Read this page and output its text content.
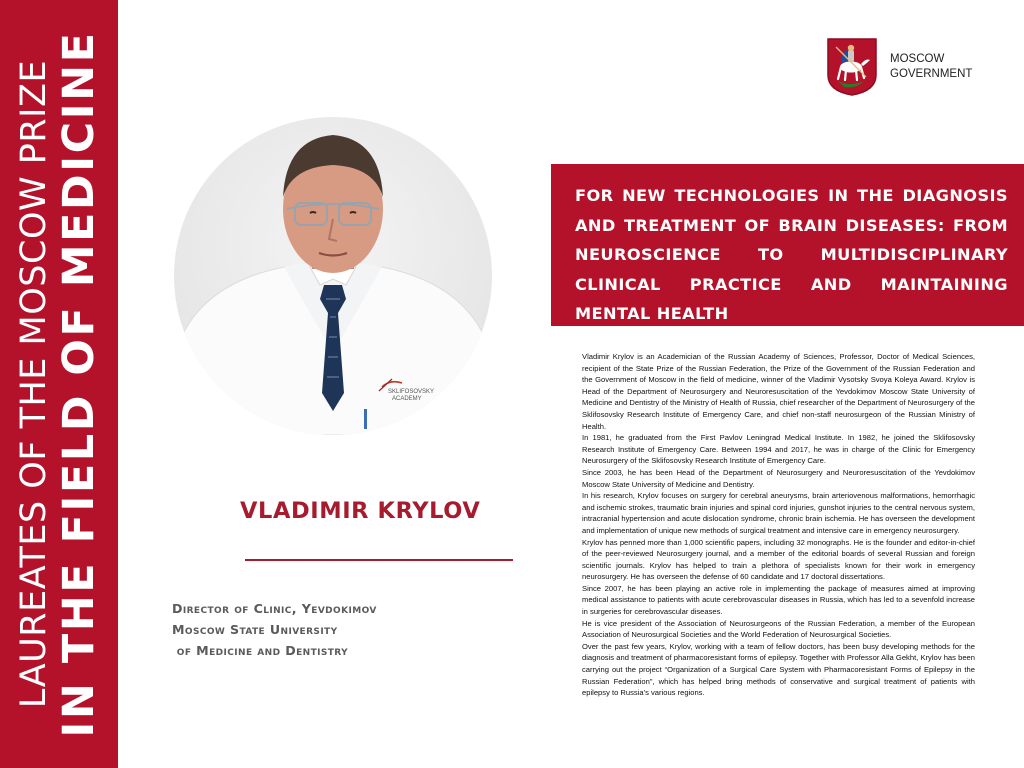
LAUREATES OF THE MOSCOW PRIZE IN THE FIELD OF MEDICINE	MOSCOW
GOVERNMENT
SKLIFOSOVSKY
ACADEMY
FOR NEW TECHNOLOGIES IN THE DIAGNOSIS AND TREATMENT OF BRAIN DISEASES: FROM NEUROSCIENCE TO MULTIDISCIPLINARY CLINICAL PRACTICE AND MAINTAINING MENTAL HEALTH
VLADIMIR KRYLOV
Director of Clinic, Yevdokimov
Moscow State University
of Medicine and Dentistry

Vladimir Krylov is an Academician of the Russian Academy of Sciences, Professor, Doctor of Medical Sciences, recipient of the State Prize of the Russian Federation, the Prize of the Government of the Russian Federation and the Government of Moscow in the field of medicine, winner of the Vladimir Vysotsky Svoya Koleya Award. Krylov is Head of the Department of Neurosurgery and Neuroresuscitation of the Yevdokimov Moscow State University of Medicine and Dentistry of the Ministry of Health of Russia, chief researcher of the Department of Neurosurgery of the Sklifosovsky Research Institute of Emergency Care, and chief non-staff neurosurgeon of the Russian Ministry of Health.

In 1981, he graduated from the First Pavlov Leningrad Medical Institute. In 1982, he joined the Sklifosovsky Research Institute of Emergency Care. Between 1994 and 2017, he was in charge of the Clinic for Emergency Neurosurgery of the Sklifosovsky Research Institute of Emergency Care.

Since 2003, he has been Head of the Department of Neurosurgery and Neuroresuscitation of the Yevdokimov Moscow State University of Medicine and Dentistry.

In his research, Krylov focuses on surgery for cerebral aneurysms, brain arteriovenous malformations, hemorrhagic and ischemic strokes, traumatic brain injuries and spinal cord injuries, gunshot injuries to the central nervous system, intracranial hypertension and acute dislocation syndrome, chronic brain ischemia. He has overseen the development and implementation of unique new methods of surgical treatment and intensive care in emergency neurosurgery.

Krylov has penned more than 1,000 scientific papers, including 32 monographs. He is the founder and editor-in-chief of the peer-reviewed Neurosurgery journal, and a member of the editorial boards of several Russian and foreign scientific journals. Krylov has helped to train a plethora of specialists known for their work in emergency neurosurgery. He has overseen the defense of 60 candidate and 17 doctoral dissertations.

Since 2007, he has been playing an active role in implementing the package of measures aimed at improving medical assistance to patients with acute cerebrovascular diseases in Russia, which has led to a sevenfold increase in surgeries for cerebrovascular diseases.

He is vice president of the Association of Neurosurgeons of the Russian Federation, a member of the European Association of Neurosurgical Societies and the World Federation of Neurosurgical Societies.

Over the past few years, Krylov, working with a team of fellow doctors, has been busy developing methods for the diagnosis and treatment of pharmacoresistant forms of epilepsy. Together with Professor Alla Gekht, Krylov has been carrying out the project “Organization of a Surgical Care System with Pharmacoresistant Forms of Epilepsy in the Russian Federation”, which has helped bring methods of conservative and surgical treatment of patients with epilepsy to Russia's various regions.
